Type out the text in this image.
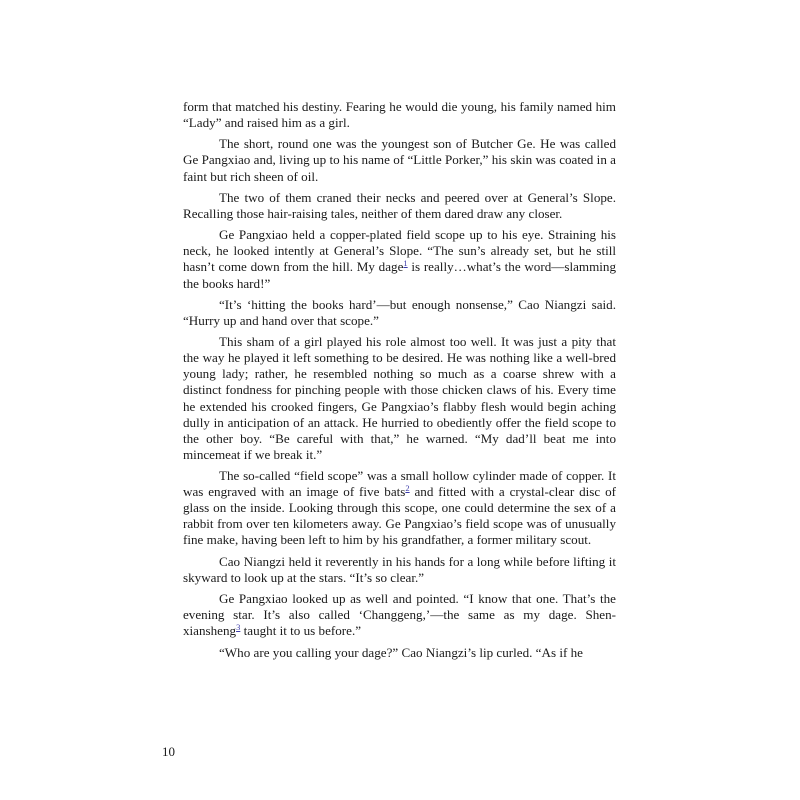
form that matched his destiny. Fearing he would die young, his family named him “Lady” and raised him as a girl.

The short, round one was the youngest son of Butcher Ge. He was called Ge Pangxiao and, living up to his name of “Little Porker,” his skin was coated in a faint but rich sheen of oil.

The two of them craned their necks and peered over at General’s Slope. Recalling those hair-raising tales, neither of them dared draw any closer.

Ge Pangxiao held a copper-plated field scope up to his eye. Straining his neck, he looked intently at General’s Slope. “The sun’s already set, but he still hasn’t come down from the hill. My dage$^1$ is really…what’s the word—slamming the books hard!”

“It’s ‘hitting the books hard’—but enough nonsense,” Cao Niangzi said. “Hurry up and hand over that scope.”

This sham of a girl played his role almost too well. It was just a pity that the way he played it left something to be desired. He was nothing like a well-bred young lady; rather, he resembled nothing so much as a coarse shrew with a distinct fondness for pinching people with those chicken claws of his. Every time he extended his crooked fingers, Ge Pangxiao’s flabby flesh would begin aching dully in anticipation of an attack. He hurried to obediently offer the field scope to the other boy. “Be careful with that,” he warned. “My dad’ll beat me into mincemeat if we break it.”

The so-called “field scope” was a small hollow cylinder made of copper. It was engraved with an image of five bats$^2$ and fitted with a crystal-clear disc of glass on the inside. Looking through this scope, one could determine the sex of a rabbit from over ten kilometers away. Ge Pangxiao’s field scope was of unusually fine make, having been left to him by his grandfather, a former military scout.

Cao Niangzi held it reverently in his hands for a long while before lifting it skyward to look up at the stars. “It’s so clear.”

Ge Pangxiao looked up as well and pointed. “I know that one. That’s the evening star. It’s also called ‘Changgeng,’—the same as my dage. Shen-xiansheng$^3$ taught it to us before.”

“Who are you calling your dage?” Cao Niangzi’s lip curled. “As if he

10
